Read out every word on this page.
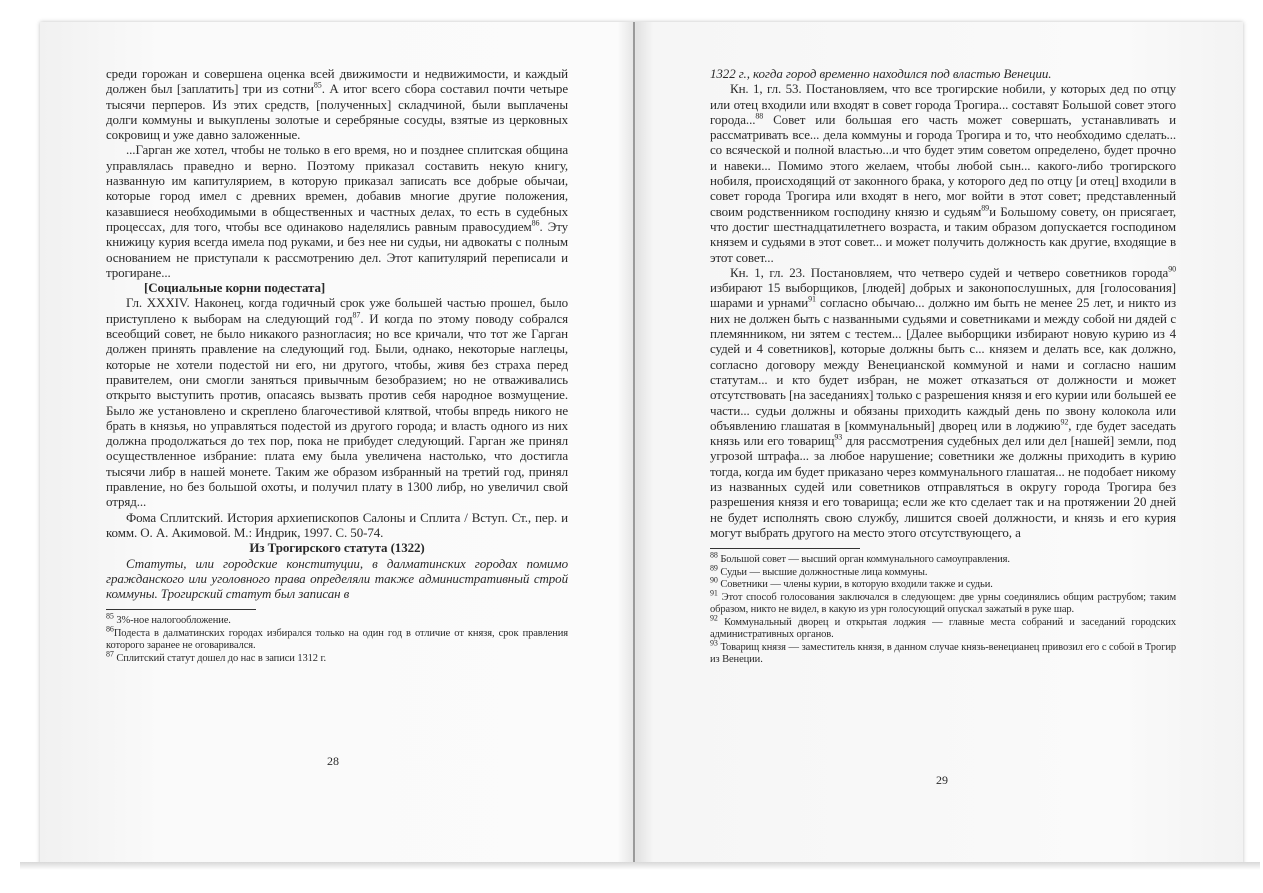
среди горожан и совершена оценка всей движимости и недвижимости, и каждый должен был [заплатить] три из сотни$^{85}$. А итог всего сбора составил почти четыре тысячи перперов. Из этих средств, [полученных] складчиной, были выплачены долги коммуны и выкуплены золотые и серебряные сосуды, взятые из церковных сокровищ и уже давно заложенные.

...Гарган же хотел, чтобы не только в его время, но и позднее сплитская община управлялась праведно и верно. Поэтому приказал составить некую книгу, названную им капитулярием, в которую приказал записать все добрые обычаи, которые город имел с древних времен, добавив многие другие положения, казавшиеся необходимыми в общественных и частных делах, то есть в судебных процессах, для того, чтобы все одинаково наделялись равным правосудием$^{86}$. Эту книжицу курия всегда имела под руками, и без нее ни судьи, ни адвокаты с полным основанием не приступали к рассмотрению дел. Этот капитулярий переписали и трогиране...

[Социальные корни подестата]

Гл. XXXIV. Наконец, когда годичный срок уже большей частью прошел, было приступлено к выборам на следующий год$^{87}$. И когда по этому поводу собрался всеобщий совет, не было никакого разногласия; но все кричали, что тот же Гарган должен принять правление на следующий год. Были, однако, некоторые наглецы, которые не хотели подестой ни его, ни другого, чтобы, живя без страха перед правителем, они смогли заняться привычным безобразием; но не отваживались открыто выступить против, опасаясь вызвать против себя народное возмущение. Было же установлено и скреплено благочестивой клятвой, чтобы впредь никого не брать в князья, но управляться подестой из другого города; и власть одного из них должна продолжаться до тех пор, пока не прибудет следующий. Гарган же принял осуществленное избрание: плата ему была увеличена настолько, что достигла тысячи либр в нашей монете. Таким же образом избранный на третий год, принял правление, но без большой охоты, и получил плату в 1300 либр, но увеличил свой отряд...

Фома Сплитский. История архиепископов Салоны и Сплита / Вступ. Ст., пер. и комм. О. А. Акимовой. М.: Индрик, 1997. С. 50-74.

Из Трогирского статута (1322)

Статуты, или городские конституции, в далматинских городах помимо гражданского или уголовного права определяли также административный строй коммуны. Трогирский статут был записан в

$^{85}$ 3%-ное налогообложение.

$^{86}$Подеста в далматинских городах избирался только на один год в отличие от князя, срок правления которого заранее не оговаривался.

$^{87}$ Сплитский статут дошел до нас в записи 1312 г.

28

1322 г., когда город временно находился под властью Венеции.

Кн. 1, гл. 53. Постановляем, что все трогирские нобили, у которых дед по отцу или отец входили или входят в совет города Трогира... составят Большой совет этого города...$^{88}$ Совет или большая его часть может совершать, устанавливать и рассматривать все... дела коммуны и города Трогира и то, что необходимо сделать... со всяческой и полной властью...и что будет этим советом определено, будет прочно и навеки... Помимо этого желаем, чтобы любой сын... какого-либо трогирского нобиля, происходящий от законного брака, у которого дед по отцу [и отец] входили в совет города Трогира или входят в него, мог войти в этот совет; представленный своим родственником господину князю и судьям$^{89}$и Большому совету, он присягает, что достиг шестнадцатилетнего возраста, и таким образом допускается господином князем и судьями в этот совет... и может получить должность как другие, входящие в этот совет...

Кн. 1, гл. 23. Постановляем, что четверо судей и четверо советников города$^{90}$ избирают 15 выборщиков, [людей] добрых и законопослушных, для [голосования] шарами и урнами$^{91}$ согласно обычаю... должно им быть не менее 25 лет, и никто из них не должен быть с названными судьями и советниками и между собой ни дядей с племянником, ни зятем с тестем... [Далее выборщики избирают новую курию из 4 судей и 4 советников], которые должны быть с... князем и делать все, как должно, согласно договору между Венецианской коммуной и нами и согласно нашим статутам... и кто будет избран, не может отказаться от должности и может отсутствовать [на заседаниях] только с разрешения князя и его курии или большей ее части... судьи должны и обязаны приходить каждый день по звону колокола или объявлению глашатая в [коммунальный] дворец или в лоджию$^{92}$, где будет заседать князь или его товарищ$^{93}$ для рассмотрения судебных дел или дел [нашей] земли, под угрозой штрафа... за любое нарушение; советники же должны приходить в курию тогда, когда им будет приказано через коммунального глашатая... не подобает никому из названных судей или советников отправляться в округу города Трогира без разрешения князя и его товарища; если же кто сделает так и на протяжении 20 дней не будет исполнять свою службу, лишится своей должности, и князь и его курия могут выбрать другого на место этого отсутствующего, а

$^{88}$ Большой совет — высший орган коммунального самоуправления.

$^{89}$ Судьи — высшие должностные лица коммуны.

$^{90}$ Советники — члены курии, в которую входили также и судьи.

$^{91}$ Этот способ голосования заключался в следующем: две урны соединялись общим раструбом; таким образом, никто не видел, в какую из урн голосующий опускал зажатый в руке шар.

$^{92}$ Коммунальный дворец и открытая лоджия — главные места собраний и заседаний городских административных органов.

$^{93}$ Товарищ князя — заместитель князя, в данном случае князь-венецианец привозил его с собой в Трогир из Венеции.

29
